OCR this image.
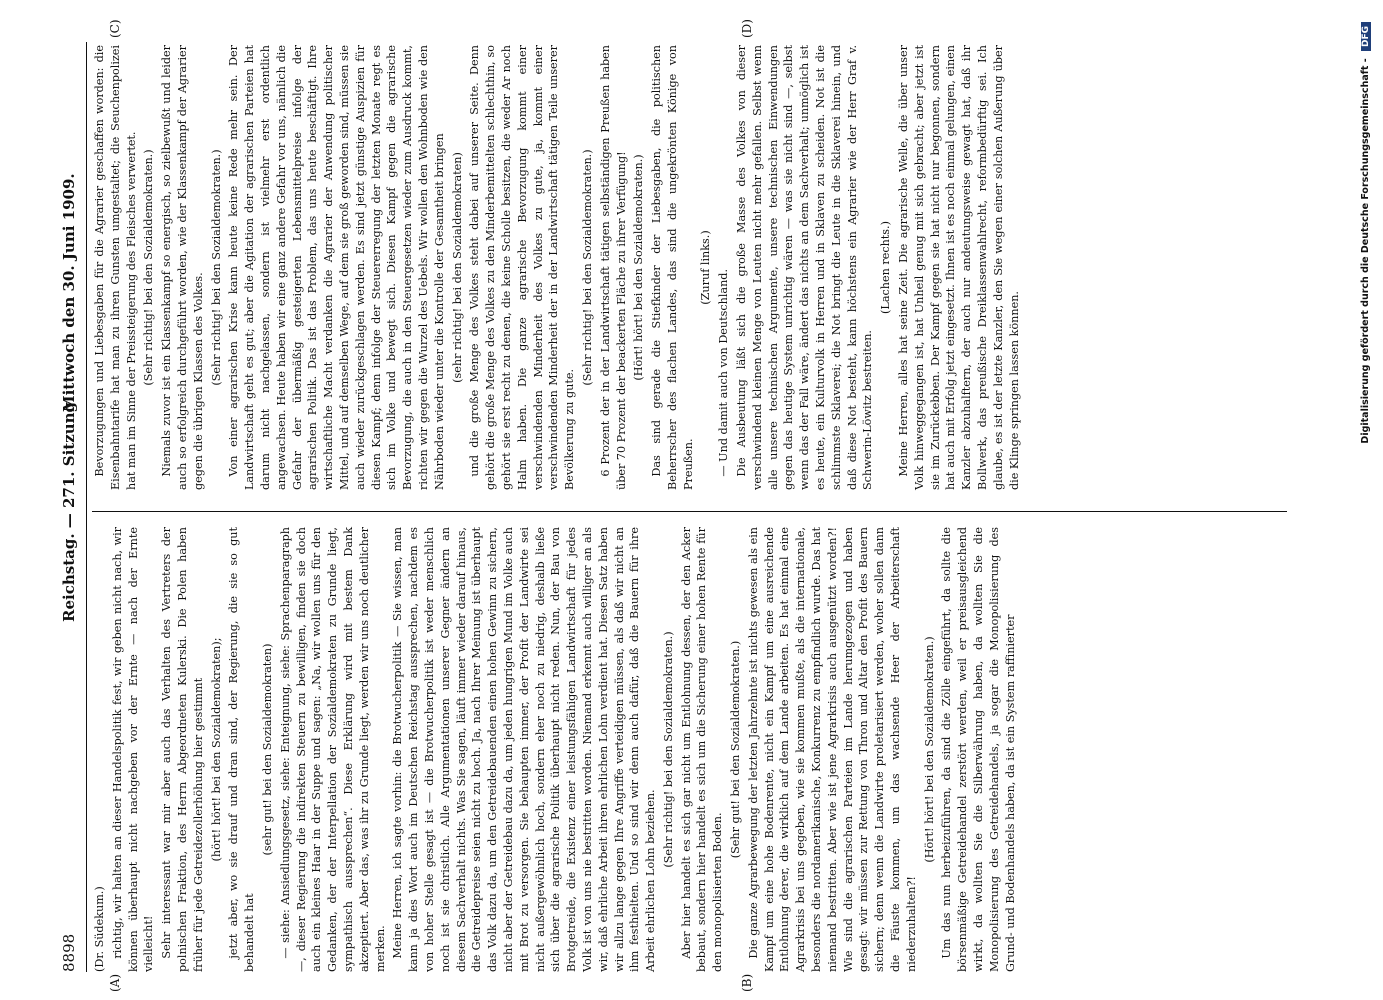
8898
Reichstag. — 271. Sitzung.
Mittwoch den 30. Juni 1909.
(A)	(B)
(C)	(D)

(Dr. Südekum.) richtig, wir halten an dieser Handelspolitik fest, wir geben nicht nach, wir können überhaupt nicht nachgeben vor der Ernte — nach der Ernte vielleicht! Sehr interessant war mir aber auch das Verhalten des Vertreters der polnischen Fraktion, des Herrn Abgeordneten Kulerski. Die Polen haben früher für jede Getreidezollerhöhung hier gestimmt (hört! hört! bei den Sozialdemokraten); jetzt aber, wo sie drauf und dran sind, der Regierung, die sie so gut behandelt hat

(sehr gut! bei den Sozialdemokraten) — siehe: Ansiedlungsgesetz, siehe: Enteignung, siehe: Sprachenparagraph —, dieser Regierung die indirekten Steuern zu bewilligen, finden sie doch auch ein kleines Haar in der Suppe und sagen: „Na, wir wollen uns für den Gedanken, der der Interpellation der Sozialdemokraten zu Grunde liegt, sympathisch aussprechen“. Diese Erklärung wird mit bestem Dank akzeptiert. Aber das, was ihr zu Grunde liegt, werden wir uns noch deutlicher merken. Meine Herren, ich sagte vorhin: die Brotwucherpolitik — Sie wissen, man kann ja dies Wort auch im Deutschen Reichstag aussprechen, nachdem es von hoher Stelle gesagt ist — die Brotwucherpolitik ist weder menschlich noch ist sie christlich. Alle Argumentationen unserer Gegner ändern an diesem Sachverhalt nichts. Was Sie sagen, läuft immer wieder darauf hinaus, die Getreidepreise seien nicht zu hoch. Ja, nach Ihrer Meinung ist überhaupt das Volk dazu da, um den Getreidebauenden einen hohen Gewinn zu sichern, nicht aber der Getreidebau dazu da, um jeden hungrigen Mund im Volke auch mit Brot zu versorgen. Sie behaupten immer, der Profit der Landwirte sei nicht außergewöhnlich hoch, sondern eher noch zu niedrig, deshalb ließe sich über die agrarische Politik überhaupt nicht reden. Nun, der Bau von Brotgetreide, die Existenz einer leistungsfähigen Landwirtschaft für jedes Volk ist von uns nie bestritten worden. Niemand erkennt auch williger an als wir, daß ehrliche Arbeit ihren ehrlichen Lohn verdient hat. Diesen Satz haben wir allzu lange gegen Ihre Angriffe verteidigen müssen, als daß wir nicht an ihm festhielten. Und so sind wir denn auch dafür, daß die Bauern für ihre Arbeit ehrlichen Lohn beziehen.

(Sehr richtig! bei den Sozialdemokraten.) Aber hier handelt es sich gar nicht um Entlohnung dessen, der den Acker bebaut, sondern hier handelt es sich um die Sicherung einer hohen Rente für den monopolisierten Boden.

(Sehr gut! bei den Sozialdemokraten.) Die ganze Agrarbewegung der letzten Jahrzehnte ist nichts gewesen als ein Kampf um eine hohe Bodenrente, nicht ein Kampf um eine ausreichende Entlohnung derer, die wirklich auf dem Lande arbeiten. Es hat einmal eine Agrarkrisis bei uns gegeben, wie sie kommen mußte, als die internationale, besonders die nordamerikanische, Konkurrenz zu empfindlich wurde. Das hat niemand bestritten. Aber wie ist jene Agrarkrisis auch ausgenützt worden?! Wie sind die agrarischen Parteien im Lande herumgezogen und haben gesagt: wir müssen zur Rettung von Thron und Altar den Profit des Bauern sichern; denn wenn die Landwirte proletarisiert werden, woher sollen dann die Fäuste kommen, um das wachsende Heer der Arbeiterschaft niederzuhalten?!

(Hört! hört! bei den Sozialdemokraten.) Um das nun herbeizuführen, da sind die Zölle eingeführt, da sollte die börsenmäßige Getreidehandel zerstört werden, weil er preisausgleichend wirkt, da wollten Sie die Silberwährung haben, da wollten Sie die Monopolisierung des Getreidehandels, ja sogar die Monopolisierung des Grund- und Bodenhandels haben, da ist ein System raffinierter

Bevorzugungen und Liebesgaben für die Agrarier geschaffen worden: die Eisenbahntarife hat man zu ihren Gunsten umgestaltet; die Seuchenpolizei hat man im Sinne der Preissteigerung des Fleisches verwertet. (Sehr richtig! bei den Sozialdemokraten.) Niemals zuvor ist ein Klassenkampf so energisch, so zielbewußt und leider auch so erfolgreich durchgeführt worden, wie der Klassenkampf der Agrarier gegen die übrigen Klassen des Volkes. (Sehr richtig! bei den Sozialdemokraten.) Von einer agrarischen Krise kann heute keine Rede mehr sein. Der Landwirtschaft geht es gut; aber die Agitation der agrarischen Parteien hat darum nicht nachgelassen, sondern ist vielmehr erst ordentlich angewachsen. Heute haben wir eine ganz andere Gefahr vor uns, nämlich die Gefahr der übermäßig gesteigerten Lebensmittelpreise infolge der agrarischen Politik. Das ist das Problem, das uns heute beschäftigt. Ihre wirtschaftliche Macht verdanken die Agrarier der Anwendung politischer Mittel, und auf demselben Wege, auf dem sie groß geworden sind, müssen sie auch wieder zurückgeschlagen werden. Es sind jetzt günstige Auspizien für diesen Kampf; denn infolge der Steuererregung der letzten Monate regt es sich im Volke und bewegt sich. Diesen Kampf gegen die agrarische Bevorzugung, die auch in den Steuergesetzen wieder zum Ausdruck kommt, richten wir gegen die Wurzel des Uebels. Wir wollen den Wohnboden wie den Nährboden wieder unter die Kontrolle der Gesamtheit bringen (sehr richtig! bei den Sozialdemokraten) und die große Menge des Volkes steht dabei auf unserer Seite. Denn gehört die große Menge des Volkes zu den Minderbemittelten schlechthin, so gehört sie erst recht zu denen, die keine Scholle besitzen, die weder Ar noch Halm haben. Die ganze agrarische Bevorzugung kommt einer verschwindenden Minderheit des Volkes zu gute, ja, kommt einer verschwindenden Minderheit der in der Landwirtschaft tätigen Teile unserer Bevölkerung zu gute.

(Sehr richtig! bei den Sozialdemokraten.) 6 Prozent der in der Landwirtschaft tätigen selbständigen Preußen haben über 70 Prozent der beackerten Fläche zu ihrer Verfügung! (Hört! hört! bei den Sozialdemokraten.) Das sind gerade die Stiefkinder der Liebesgaben, die politischen Beherrscher des flachen Landes, das sind die ungekrönten Könige von Preußen.

(Zuruf links.)

— Und damit auch von Deutschland. Die Ausbeutung läßt sich die große Masse des Volkes von dieser verschwindend kleinen Menge von Leuten nicht mehr gefallen. Selbst wenn alle unsere technischen Argumente, unsere technischen Einwendungen gegen das heutige System unrichtig wären — was sie nicht sind —, selbst wenn das der Fall wäre, ändert das nichts an dem Sachverhalt; unmöglich ist es heute, ein Kulturvolk in Herren und in Sklaven zu scheiden. Not ist die schlimmste Sklaverei; die Not bringt die Leute in die Sklaverei hinein, und daß diese Not besteht, kann höchstens ein Agrarier wie der Herr Graf v. Schwerin-Löwitz bestreiten.

(Lachen rechts.) Meine Herren, alles hat seine Zeit. Die agrarische Welle, die über unser Volk hinweggegangen ist, hat Unheil genug mit sich gebracht; aber jetzt ist sie im Zurückebben. Der Kampf gegen sie hat nicht nur begonnen, sondern hat auch mit Erfolg jetzt eingesetzt. Ihnen ist es noch einmal gelungen, einen Kanzler abzuhalftern, der auch nur andeutungsweise gewagt hat, daß ihr Bollwerk, das preußische Dreiklassenwahlrecht, reformbedürftig sei. Ich glaube, es ist der letzte Kanzler, den Sie wegen einer solchen Außerung über die Klinge springen lassen können.	Digitalisierung gefördert durch die Deutsche Forschungsgemeinschaft - DFG
